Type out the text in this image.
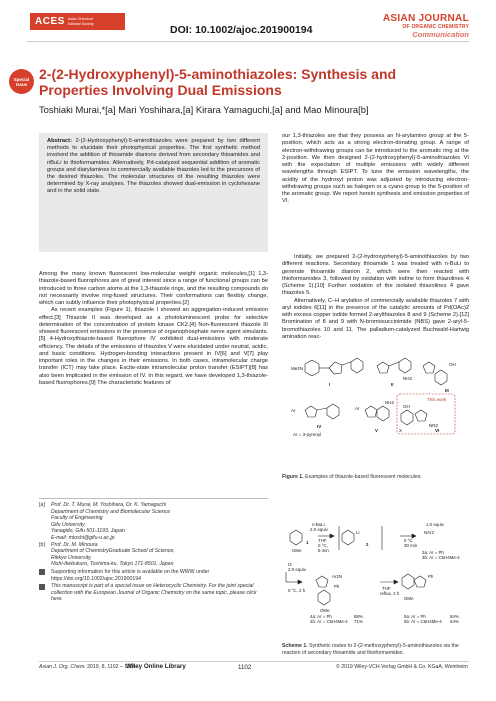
ACES Asian Chemical
Editorial Society
DOI: 10.1002/ajoc.201900194
ASIAN JOURNAL
OF ORGANIC CHEMISTRY
Communication
Special
Issue
2-(2-Hydroxyphenyl)-5-aminothiazoles: Synthesis and Properties Involving Dual Emissions
Toshiaki Murai,*[a] Mari Yoshihara,[a] Kirara Yamaguchi,[a] and Mao Minoura[b]
Abstract: 2-(2-Hydroxyphenyl)-5-aminothiazoles were prepared by two different methods to elucidate their photophysical properties. The first synthetic method involved the addition of thioamide dianions derived from secondary thioamides and nBuLi to thioformamides. Alternatively, Pd-catalyzed sequential addition of aromatic groups and diarylamines to commercially available thiazoles led to the precursors of the desired thiazoles. The molecular structures of the resulting thiazoles were determined by X-ray analyses. The thiazoles showed dual-emission in cyclohexane and in the solid state.

Among the many known fluorescent low-molecular weight organic molecules,[1] 1,3-thiazole-based fluorophores are of great interest since a range of functional groups can be introduced to three carbon atoms at the 1,3-thiazole rings, and the resulting compounds do not necessarily involve ring-fused structures. Their conformations can flexibly change, which can subtly influence their photophysical properties.[2]

As recent examples (Figure 1), thiazole I showed an aggregation-induced emission effect.[3] Thiazole II was developed as a photoluminescent probe for selective determination of the concentration of protein kinase CK2.[4] Non-fluorescent thiazole III showed fluorescent emissions in the presence of organophosphate nerve agent simulants.[5] 4-Hydroxythiazole-based fluorophore IV exhibited dual-emissions with moderate efficiency. The details of the emissions of thiazoles V were elucidated under neutral, acidic, and basic conditions. Hydrogen-bonding interactions present in IV[6] and V[7] play important roles in the changes in their emissions. In both cases, intramolecular charge transfer (ICT) may take place. Excite-state intramolecular proton transfer (ESIPT)[8] has also been implicated in the emission of IV. In this regard, we have developed 1,3-thiazole-based fluorophores.[9] The characteristic features of

our 1,3-thiazoles are that they possess an N-arylamino group at the 5-position, which acts as a strong electron-donating group. A range of electron-withdrawing groups can be introduced to the aromatic ring at the 2-position. We then designed 2-(2-hydroxyphenyl)-5-aminothiazoles VI with the expectation of multiple emissions with widely different wavelengths through ESIPT. To tune the emission wavelengths, the acidity of the hydroxyl proton was adjusted by introducing electron-withdrawing groups such as halogen or a cyano group to the 5-position of the aromatic group. We report herein synthesis and emission properties of VI.

Initially, we prepared 2-(2-hydroxyphenyl)-5-aminothiazoles by two different reactions. Secondary thioamide 1 was treated with n-BuLi to generate thioamide dianion 2, which were then reacted with thioformamides 3, followed by oxidation with iodine to form thiazolines 4 (Scheme 1).[10] Further oxidation of the isolated thiazolines 4 gave thiazoles 5.

Alternatively, C–H arylation of commercially available thiazoles 7 with aryl iodides 6[11] in the presence of the catalytic amounts of Pd(OAc)2 with excess copper iodide formed 2-arylthiazoles 8 and 9 (Scheme 2).[12] Bromination of 8 and 9 with N-bromosuccinimide (NBS) gave 2-aryl-5-bromothiazoles 10 and 11. The palladium-catalyzed Buchwald-Hartwig amination reac-

Me2N
I
NH2
II
OH
III
Ar
IV
Ar = 3-pyrenyl
Ar
NH2
V
This work
NR2
OH
X	VI
Figure 1. Examples of thiazole-based fluorescent molecules.
[a]	Prof. Dr. T. Murai, M. Yoshihara, Dr. K. Yamaguchi
Department of Chemistry and Biomolecular Science
Faculty of Engineering
Gifu University
Yanagido, Gifu 501-1193, Japan
E-mail: mtoshi@gifu-u.ac.jp
[b]	Prof. Dr. M. Minoura
Department of ChemistryGraduate School of Science,
Rikkyo University,
Nishi-Ikebukuro, Toshima-ku, Tokyo 171-8501, Japan
Supporting information for this article is available on the WWW under https://doi.org/10.1002/ajoc.201900194
This manuscript is part of a special issue on Heterocyclic Chemistry. For the joint special collection with the European Journal of Organic Chemistry on the same topic, please click here.
n-BuLi
2.0 equiv
THF
0 °C,
5 min
OMe
1
Li
2
1.0 equiv
0 °C
30 min
NAr2
3a: Ar = Ph
3b: Ar = C6H4Me-4
I2
2.0 equiv
0 °C, 2 h
Ar2N
Ph
OMe
4a: Ar = Ph	88%
4b: Ar = C6H4Me-4 71%
THF
reflux, 2 h
Ph
OMe
5a: Ar = Ph	84%
5b: Ar = C6H4Me-4 64%
Scheme 1. Synthetic routes to 2-(2-methoxyphenyl)-5-aminothiazoles via the reaction of secondary thioamide and thioformamides.
Asian J. Org. Chem. 2019, 8, 1102 – 1106
Wiley Online Library	1102	© 2019 Wiley-VCH Verlag GmbH & Co. KGaA, Weinheim
